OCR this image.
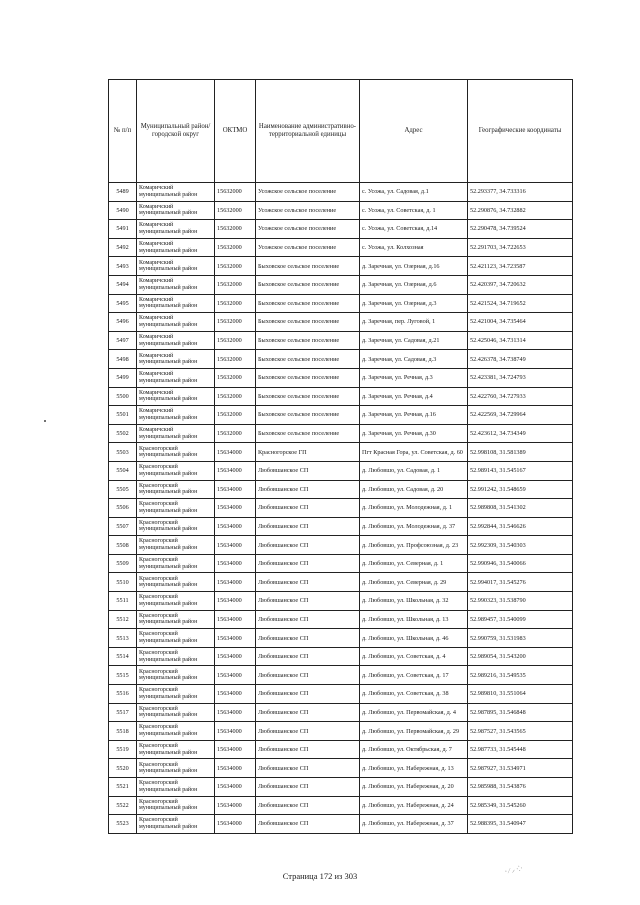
№ п/п	Муниципальный район/городской округ	ОКТМО	Наименование административно-территориальной единицы	Адрес	Географические координаты
5489	Комаричский муниципальный район	15632000	Усожское сельское поселение	с. Усожа, ул. Садовая, д.1	52.293377, 34.733316
5490	Комаричский муниципальный район	15632000	Усожское сельское поселение	с. Усожа, ул. Советская, д. 1	52.290876, 34.732882
5491	Комаричский муниципальный район	15632000	Усожское сельское поселение	с. Усожа, ул. Советская, д.14	52.290478, 34.739524
5492	Комаричский муниципальный район	15632000	Усожское сельское поселение	с. Усожа, ул. Колхозная	52.291703, 34.722653
5493	Комаричский муниципальный район	15632000	Быховское сельское поселение	д. Заречная, ул. Озерная, д.16	52.421123, 34.723587
5494	Комаричский муниципальный район	15632000	Быховское сельское поселение	д. Заречная, ул. Озерная, д.6	52.420397, 34.720632
5495	Комаричский муниципальный район	15632000	Быховское сельское поселение	д. Заречная, ул. Озерная, д.3	52.421524, 34.719652
5496	Комаричский муниципальный район	15632000	Быховское сельское поселение	д. Заречная, пер. Луговой, 1	52.421004, 34.735464
5497	Комаричский муниципальный район	15632000	Быховское сельское поселение	д. Заречная, ул. Садовая, д.21	52.425046, 34.731314
5498	Комаричский муниципальный район	15632000	Быховское сельское поселение	д. Заречная, ул. Садовая, д.3	52.426378, 34.738749
5499	Комаричский муниципальный район	15632000	Быховское сельское поселение	д. Заречная, ул. Речная, д.3	52.423381, 34.724793
5500	Комаричский муниципальный район	15632000	Быховское сельское поселение	д. Заречная, ул. Речная, д.4	52.422760, 34.727933
5501	Комаричский муниципальный район	15632000	Быховское сельское поселение	д. Заречная, ул. Речная, д.16	52.422569, 34.729964
5502	Комаричский муниципальный район	15632000	Быховское сельское поселение	д. Заречная, ул. Речная, д.30	52.423612, 34.734349
5503	Красногорский муниципальный район	15634000	Красногорское ГП	Пгт Красная Гора, ул. Советская, д. 60	52.998108, 31.581389
5504	Красногорский муниципальный район	15634000	Любовшанское СП	д. Любовшо, ул. Садовая, д. 1	52.989143, 31.545167
5505	Красногорский муниципальный район	15634000	Любовшанское СП	д. Любовшо, ул. Садовая, д. 20	52.991242, 31.548659
5506	Красногорский муниципальный район	15634000	Любовшанское СП	д. Любовшо, ул. Молодежная, д. 1	52.989808, 31.541302
5507	Красногорский муниципальный район	15634000	Любовшанское СП	д. Любовшо, ул. Молодежная, д. 37	52.992844, 31.546626
5508	Красногорский муниципальный район	15634000	Любовшанское СП	д. Любовшо, ул. Профсоюзная, д. 23	52.992309, 31.540303
5509	Красногорский муниципальный район	15634000	Любовшанское СП	д. Любовшо, ул. Северная, д. 1	52.990946, 31.540066
5510	Красногорский муниципальный район	15634000	Любовшанское СП	д. Любовшо, ул. Северная, д. 29	52.994017, 31.545276
5511	Красногорский муниципальный район	15634000	Любовшанское СП	д. Любовшо, ул. Школьная, д. 32	52.990323, 31.538790
5512	Красногорский муниципальный район	15634000	Любовшанское СП	д. Любовшо, ул. Школьная, д. 13	52.989457, 31.540099
5513	Красногорский муниципальный район	15634000	Любовшанское СП	д. Любовшо, ул. Школьная, д. 46	52.990759, 31.531983
5514	Красногорский муниципальный район	15634000	Любовшанское СП	д. Любовшо, ул. Советская, д. 4	52.989054, 31.543200
5515	Красногорский муниципальный район	15634000	Любовшанское СП	д. Любовшо, ул. Советская, д. 17	52.989216, 31.549535
5516	Красногорский муниципальный район	15634000	Любовшанское СП	д. Любовшо, ул. Советская, д. 38	52.989810, 31.551064
5517	Красногорский муниципальный район	15634000	Любовшанское СП	д. Любовшо, ул. Первомайская, д. 4	52.987895, 31.546848
5518	Красногорский муниципальный район	15634000	Любовшанское СП	д. Любовшо, ул. Первомайская, д. 29	52.987527, 31.543565
5519	Красногорский муниципальный район	15634000	Любовшанское СП	д. Любовшо, ул. Октябрьская, д. 7	52.987733, 31.545448
5520	Красногорский муниципальный район	15634000	Любовшанское СП	д. Любовшо, ул. Набережная, д. 13	52.987927, 31.534971
5521	Красногорский муниципальный район	15634000	Любовшанское СП	д. Любовшо, ул. Набережная, д. 20	52.985988, 31.543876
5522	Красногорский муниципальный район	15634000	Любовшанское СП	д. Любовшо, ул. Набережная, д. 24	52.985349, 31.545260
5523	Красногорский муниципальный район	15634000	Любовшанское СП	д. Любовшо, ул. Набережная, д. 37	52.988395, 31.540947
⸱ ⁄ ⸝ ⁘
Страница 172 из 303
